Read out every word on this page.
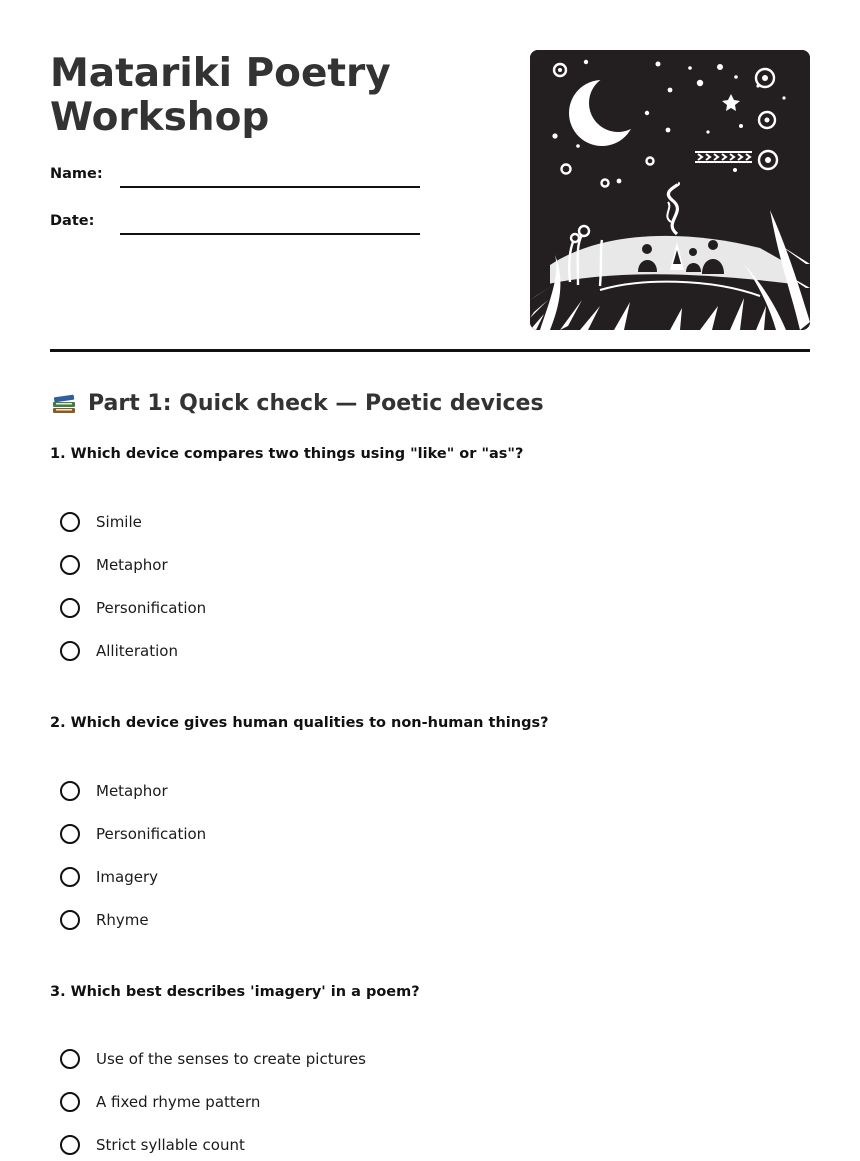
Matariki Poetry
Workshop
Name:
Date:
Part 1: Quick check — Poetic devices
1. Which device compares two things using "like" or "as"?
Simile
Metaphor
Personification
Alliteration
2. Which device gives human qualities to non-human things?
Metaphor
Personification
Imagery
Rhyme
3. Which best describes 'imagery' in a poem?
Use of the senses to create pictures
A fixed rhyme pattern
Strict syllable count
